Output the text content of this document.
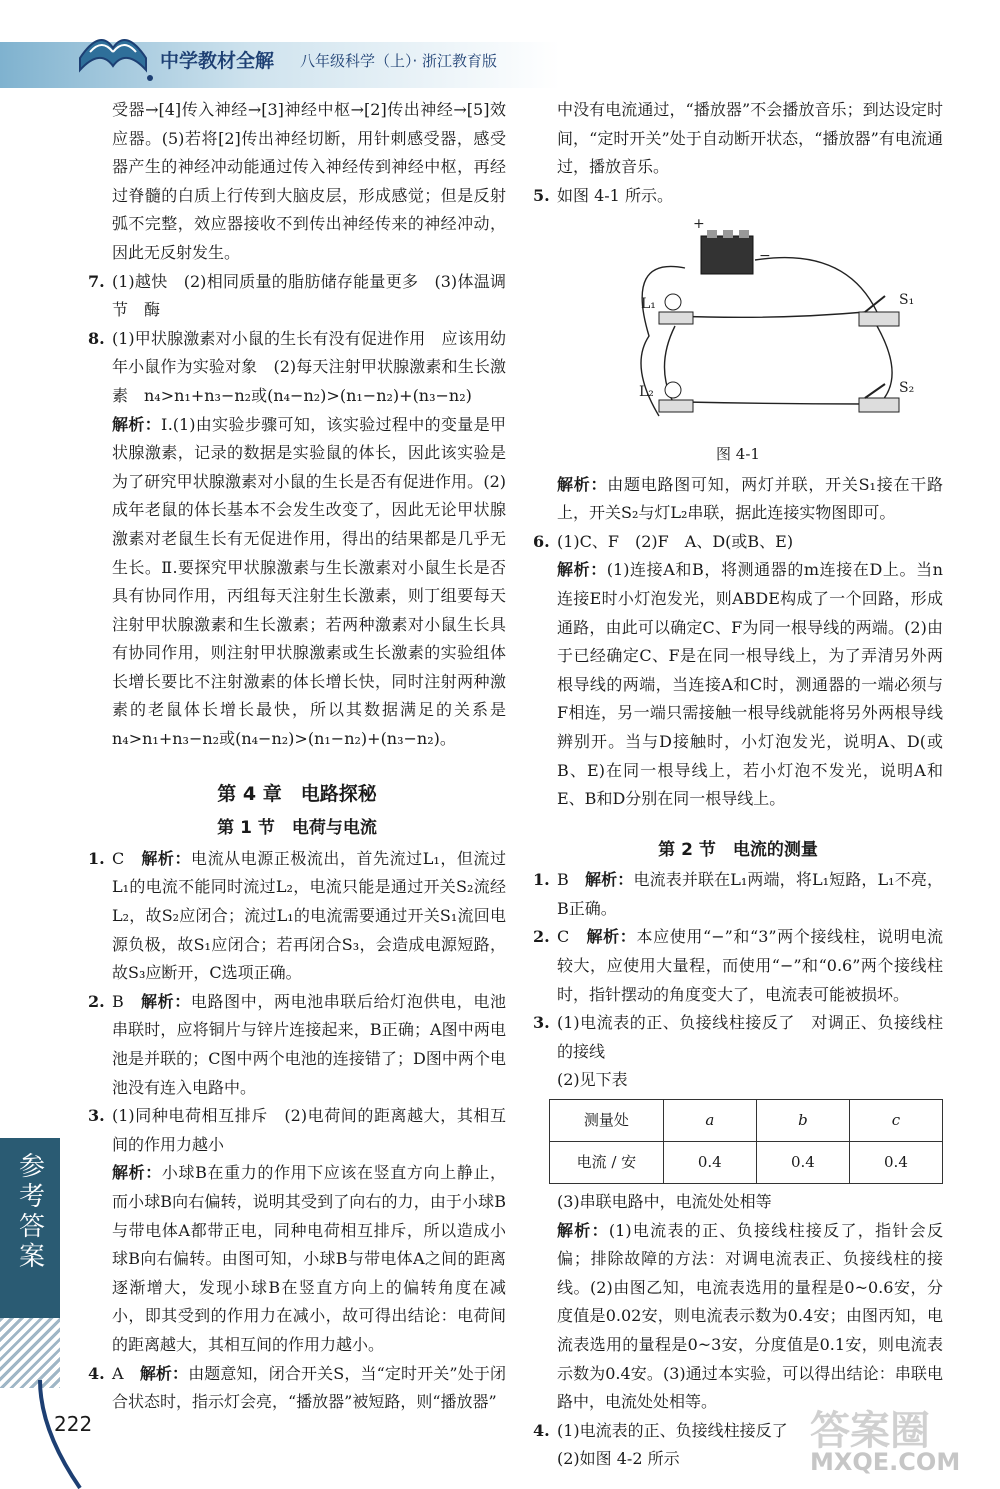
中学教材全解 八年级科学（上）· 浙江教育版
受器→[4]传入神经→[3]神经中枢→[2]传出神经→[5]效应器。(5)若将[2]传出神经切断，用针刺感受器，感受器产生的神经冲动能通过传入神经传到神经中枢，再经过脊髓的白质上行传到大脑皮层，形成感觉；但是反射弧不完整，效应器接收不到传出神经传来的神经冲动，因此无反射发生。
7. (1)越快　(2)相同质量的脂肪储存能量更多　(3)体温调节　酶
8. (1)甲状腺激素对小鼠的生长有没有促进作用　应该用幼年小鼠作为实验对象　(2)每天注射甲状腺激素和生长激素　n₄>n₁+n₃−n₂或(n₄−n₂)>(n₁−n₂)+(n₃−n₂)
解析：Ⅰ.(1)由实验步骤可知，该实验过程中的变量是甲状腺激素，记录的数据是实验鼠的体长，因此该实验是为了研究甲状腺激素对小鼠的生长是否有促进作用。(2)成年老鼠的体长基本不会发生改变了，因此无论甲状腺激素对老鼠生长有无促进作用，得出的结果都是几乎无生长。Ⅱ.要探究甲状腺激素与生长激素对小鼠生长是否具有协同作用，丙组每天注射生长激素，则丁组要每天注射甲状腺激素和生长激素；若两种激素对小鼠生长具有协同作用，则注射甲状腺激素或生长激素的实验组体长增长要比不注射激素的体长增长快，同时注射两种激素的老鼠体长增长最快，所以其数据满足的关系是n₄>n₁+n₃−n₂或(n₄−n₂)>(n₁−n₂)+(n₃−n₂)。
第 4 章　电路探秘
第 1 节　电荷与电流
1. C　解析：电流从电源正极流出，首先流过L₁，但流过L₁的电流不能同时流过L₂，电流只能是通过开关S₂流经L₂，故S₂应闭合；流过L₁的电流需要通过开关S₁流回电源负极，故S₁应闭合；若再闭合S₃，会造成电源短路，故S₃应断开，C选项正确。
2. B　解析：电路图中，两电池串联后给灯泡供电，电池串联时，应将铜片与锌片连接起来，B正确；A图中两电池是并联的；C图中两个电池的连接错了；D图中两个电池没有连入电路中。
3. (1)同种电荷相互排斥　(2)电荷间的距离越大，其相互间的作用力越小
解析：小球B在重力的作用下应该在竖直方向上静止，而小球B向右偏转，说明其受到了向右的力，由于小球B与带电体A都带正电，同种电荷相互排斥，所以造成小球B向右偏转。由图可知，小球B与带电体A之间的距离逐渐增大，发现小球B在竖直方向上的偏转角度在减小，即其受到的作用力在减小，故可得出结论：电荷间的距离越大，其相互间的作用力越小。
4. A　解析：由题意知，闭合开关S，当“定时开关”处于闭合状态时，指示灯会亮，“播放器”被短路，则“播放器”
中没有电流通过，“播放器”不会播放音乐；到达设定时间，“定时开关”处于自动断开状态，“播放器”有电流通过，播放音乐。
5. 如图 4-1 所示。
+
−
L₁	S₁
L₂	S₂
图 4-1
解析：由题电路图可知，两灯并联，开关S₁接在干路上，开关S₂与灯L₂串联，据此连接实物图即可。
6. (1)C、F　(2)F　A、D(或B、E)
解析：(1)连接A和B，将测通器的m连接在D上。当n连接E时小灯泡发光，则ABDE构成了一个回路，形成通路，由此可以确定C、F为同一根导线的两端。(2)由于已经确定C、F是在同一根导线上，为了弄清另外两根导线的两端，当连接A和C时，测通器的一端必须与F相连，另一端只需接触一根导线就能将另外两根导线辨别开。当与D接触时，小灯泡发光，说明A、D(或B、E)在同一根导线上，若小灯泡不发光，说明A和E、B和D分别在同一根导线上。
第 2 节　电流的测量
1. B　解析：电流表并联在L₁两端，将L₁短路，L₁不亮，B正确。
2. C　解析：本应使用“−”和“3”两个接线柱，说明电流较大，应使用大量程，而使用“−”和“0.6”两个接线柱时，指针摆动的角度变大了，电流表可能被损坏。
3. (1)电流表的正、负接线柱接反了　对调正、负接线柱的接线
(2)见下表
测量处	a	b	c
电流 / 安	0.4	0.4	0.4
(3)串联电路中，电流处处相等
解析：(1)电流表的正、负接线柱接反了，指针会反偏；排除故障的方法：对调电流表正、负接线柱的接线。(2)由图乙知，电流表选用的量程是0~0.6安，分度值是0.02安，则电流表示数为0.4安；由图丙知，电流表选用的量程是0~3安，分度值是0.1安，则电流表示数为0.4安。(3)通过本实验，可以得出结论：串联电路中，电流处处相等。
4. (1)电流表的正、负接线柱接反了
(2)如图 4-2 所示
参考答案
222	答案圈
MXQE.COM
